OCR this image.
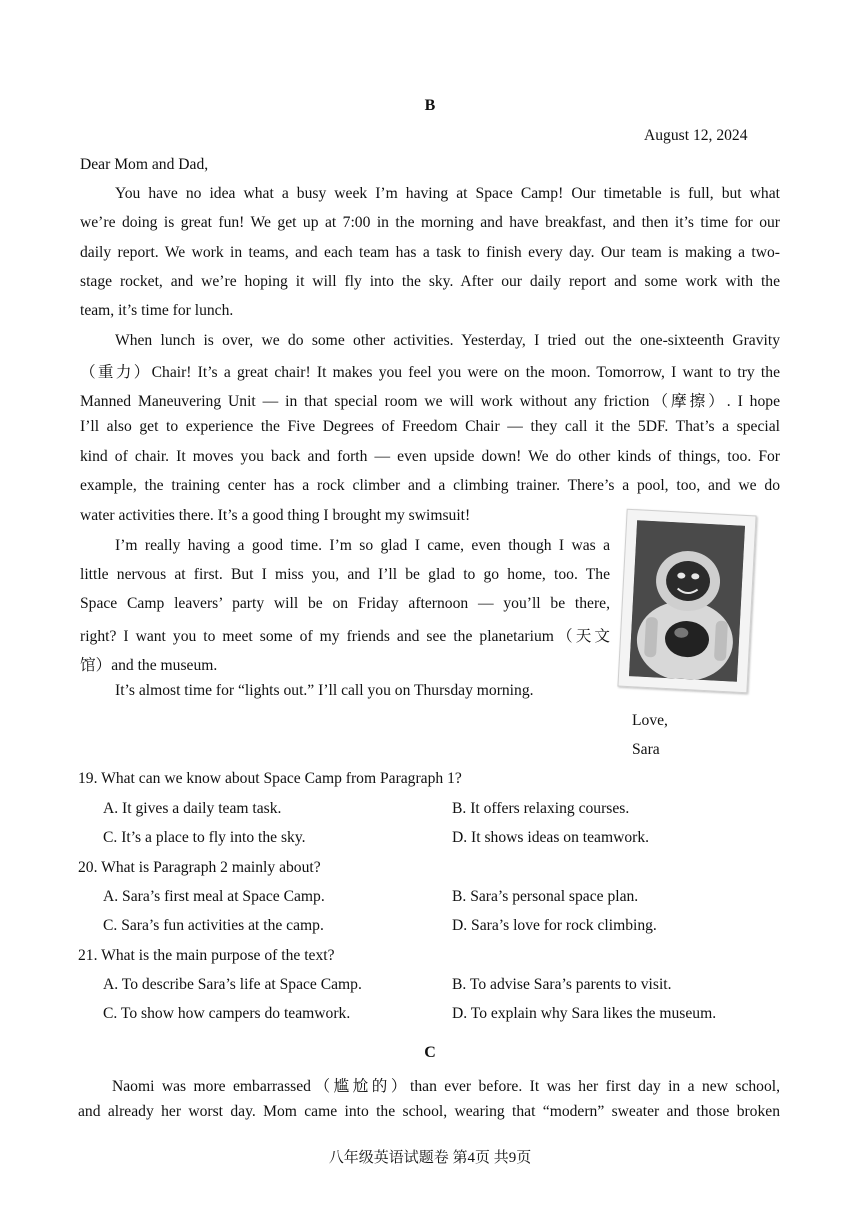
B
August 12, 2024
Dear Mom and Dad,
You have no idea what a busy week I’m having at Space Camp! Our timetable is full, but what
we’re doing is great fun! We get up at 7:00 in the morning and have breakfast, and then it’s time for our
daily report. We work in teams, and each team has a task to finish every day. Our team is making a two-
stage rocket, and we’re hoping it will fly into the sky. After our daily report and some work with the
team, it’s time for lunch.
When lunch is over, we do some other activities. Yesterday, I tried out the one-sixteenth Gravity
（重力）Chair! It’s a great chair! It makes you feel you were on the moon. Tomorrow, I want to try the
Manned Maneuvering Unit — in that special room we will work without any friction（摩擦）. I hope
I’ll also get to experience the Five Degrees of Freedom Chair — they call it the 5DF. That’s a special
kind of chair. It moves you back and forth — even upside down! We do other kinds of things, too. For
example, the training center has a rock climber and a climbing trainer. There’s a pool, too, and we do
water activities there. It’s a good thing I brought my swimsuit!
I’m really having a good time. I’m so glad I came, even though I was a
little nervous at first. But I miss you, and I’ll be glad to go home, too. The
Space Camp leavers’ party will be on Friday afternoon — you’ll be there,
right? I want you to meet some of my friends and see the planetarium（天文
馆）and the museum.
It’s almost time for “lights out.” I’ll call you on Thursday morning.
Love,
Sara
19. What can we know about Space Camp from Paragraph 1?
A. It gives a daily team task.	B. It offers relaxing courses.
C. It’s a place to fly into the sky.	D. It shows ideas on teamwork.
20. What is Paragraph 2 mainly about?
A. Sara’s first meal at Space Camp.	B. Sara’s personal space plan.
C. Sara’s fun activities at the camp.	D. Sara’s love for rock climbing.
21. What is the main purpose of the text?
A. To describe Sara’s life at Space Camp.	B. To advise Sara’s parents to visit.
C. To show how campers do teamwork.	D. To explain why Sara likes the museum.
C
Naomi was more embarrassed（尴尬的）than ever before. It was her first day in a new school,
and already her worst day. Mom came into the school, wearing that “modern” sweater and those broken
八年级英语试题卷 第4页 共9页
